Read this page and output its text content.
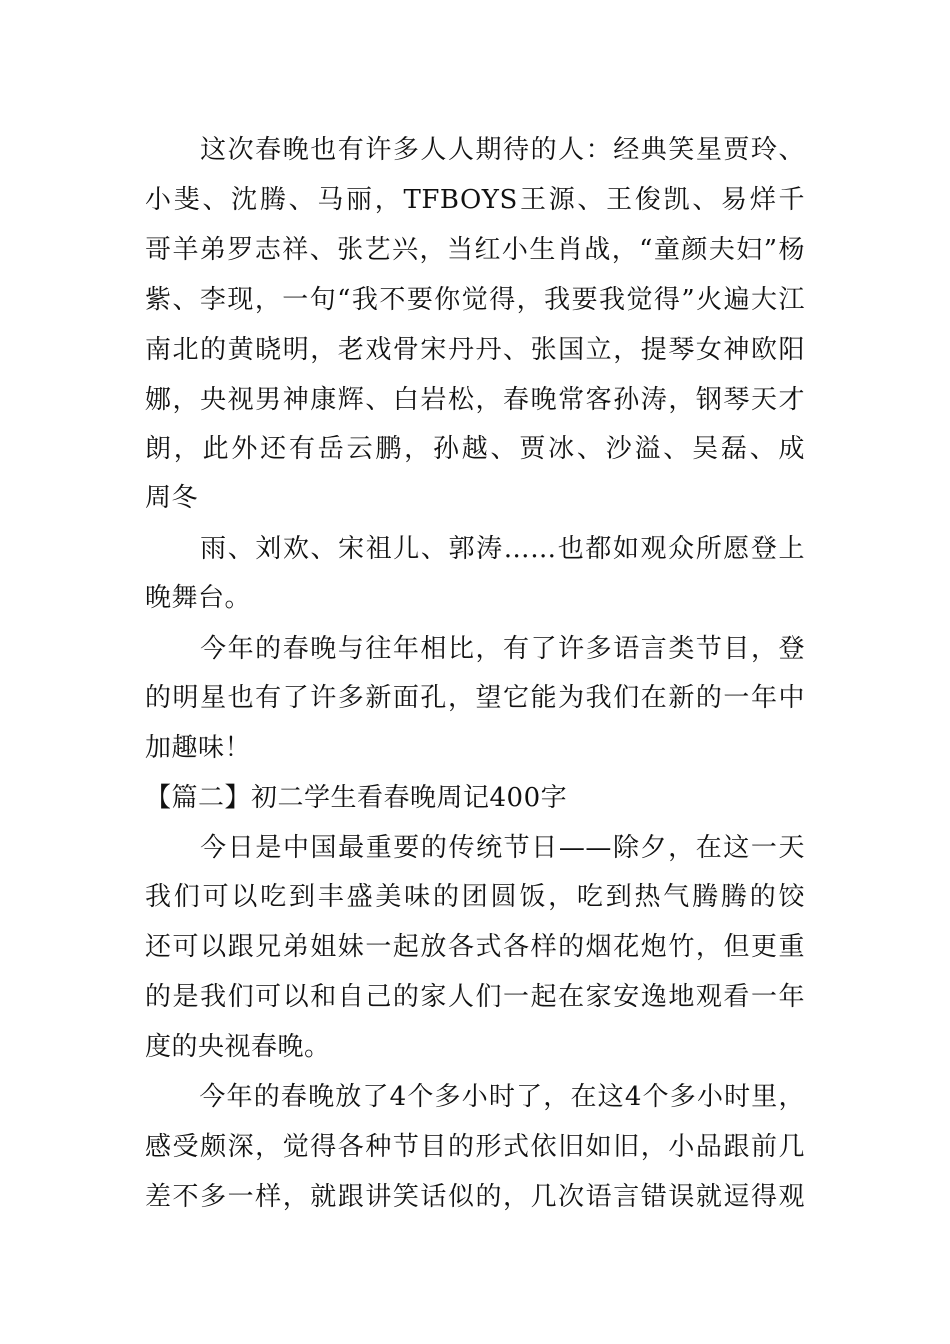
　　这次春晚也有许多人人期待的人：经典笑星贾玲、
小斐、沈腾、马丽，TFBOYS王源、王俊凯、易烊千
哥羊弟罗志祥、张艺兴，当红小生肖战，“童颜夫妇”杨
紫、李现，一句“我不要你觉得，我要我觉得”火遍大江
南北的黄晓明，老戏骨宋丹丹、张国立，提琴女神欧阳
娜，央视男神康辉、白岩松，春晚常客孙涛，钢琴天才
朗，此外还有岳云鹏，孙越、贾冰、沙溢、吴磊、成
周冬
　　雨、刘欢、宋祖儿、郭涛……也都如观众所愿登上
晚舞台。
　　今年的春晚与往年相比，有了许多语言类节目，登
的明星也有了许多新面孔，望它能为我们在新的一年中
加趣味！
【篇二】初二学生看春晚周记400字
　　今日是中国最重要的传统节日——除夕，在这一天
我们可以吃到丰盛美味的团圆饭，吃到热气腾腾的饺
还可以跟兄弟姐妹一起放各式各样的烟花炮竹，但更重
的是我们可以和自己的家人们一起在家安逸地观看一年
度的央视春晚。
　　今年的春晚放了4个多小时了，在这4个多小时里，
感受颇深，觉得各种节目的形式依旧如旧，小品跟前几
差不多一样，就跟讲笑话似的，几次语言错误就逗得观
